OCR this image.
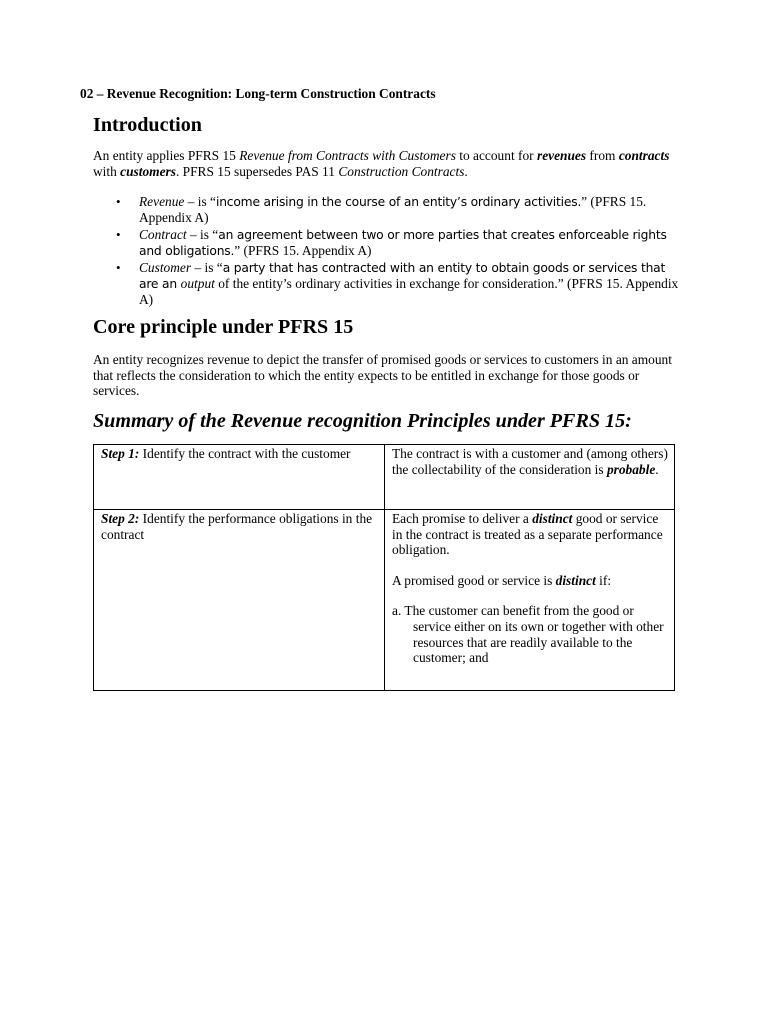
02 – Revenue Recognition: Long-term Construction Contracts
Introduction

An entity applies PFRS 15 Revenue from Contracts with Customers to account for revenues from contracts with customers. PFRS 15 supersedes PAS 11 Construction Contracts.

• Revenue – is “income arising in the course of an entity’s ordinary activities.” (PFRS 15. Appendix A)
• Contract – is “an agreement between two or more parties that creates enforceable rights and obligations.” (PFRS 15. Appendix A)
• Customer – is “a party that has contracted with an entity to obtain goods or services that are an output of the entity’s ordinary activities in exchange for consideration.” (PFRS 15. Appendix A)
Core principle under PFRS 15

An entity recognizes revenue to depict the transfer of promised goods or services to customers in an amount that reflects the consideration to which the entity expects to be entitled in exchange for those goods or services.

Summary of the Revenue recognition Principles under PFRS 15:
Step 1: Identify the contract with the customer	The contract is with a customer and (among others) the collectability of the consideration is probable.

Step 2: Identify the performance obligations in the contract	Each promise to deliver a distinct good or service in the contract is treated as a separate performance obligation.

A promised good or service is distinct if:

a. The customer can benefit from the good or service either on its own or together with other resources that are readily available to the customer; and
